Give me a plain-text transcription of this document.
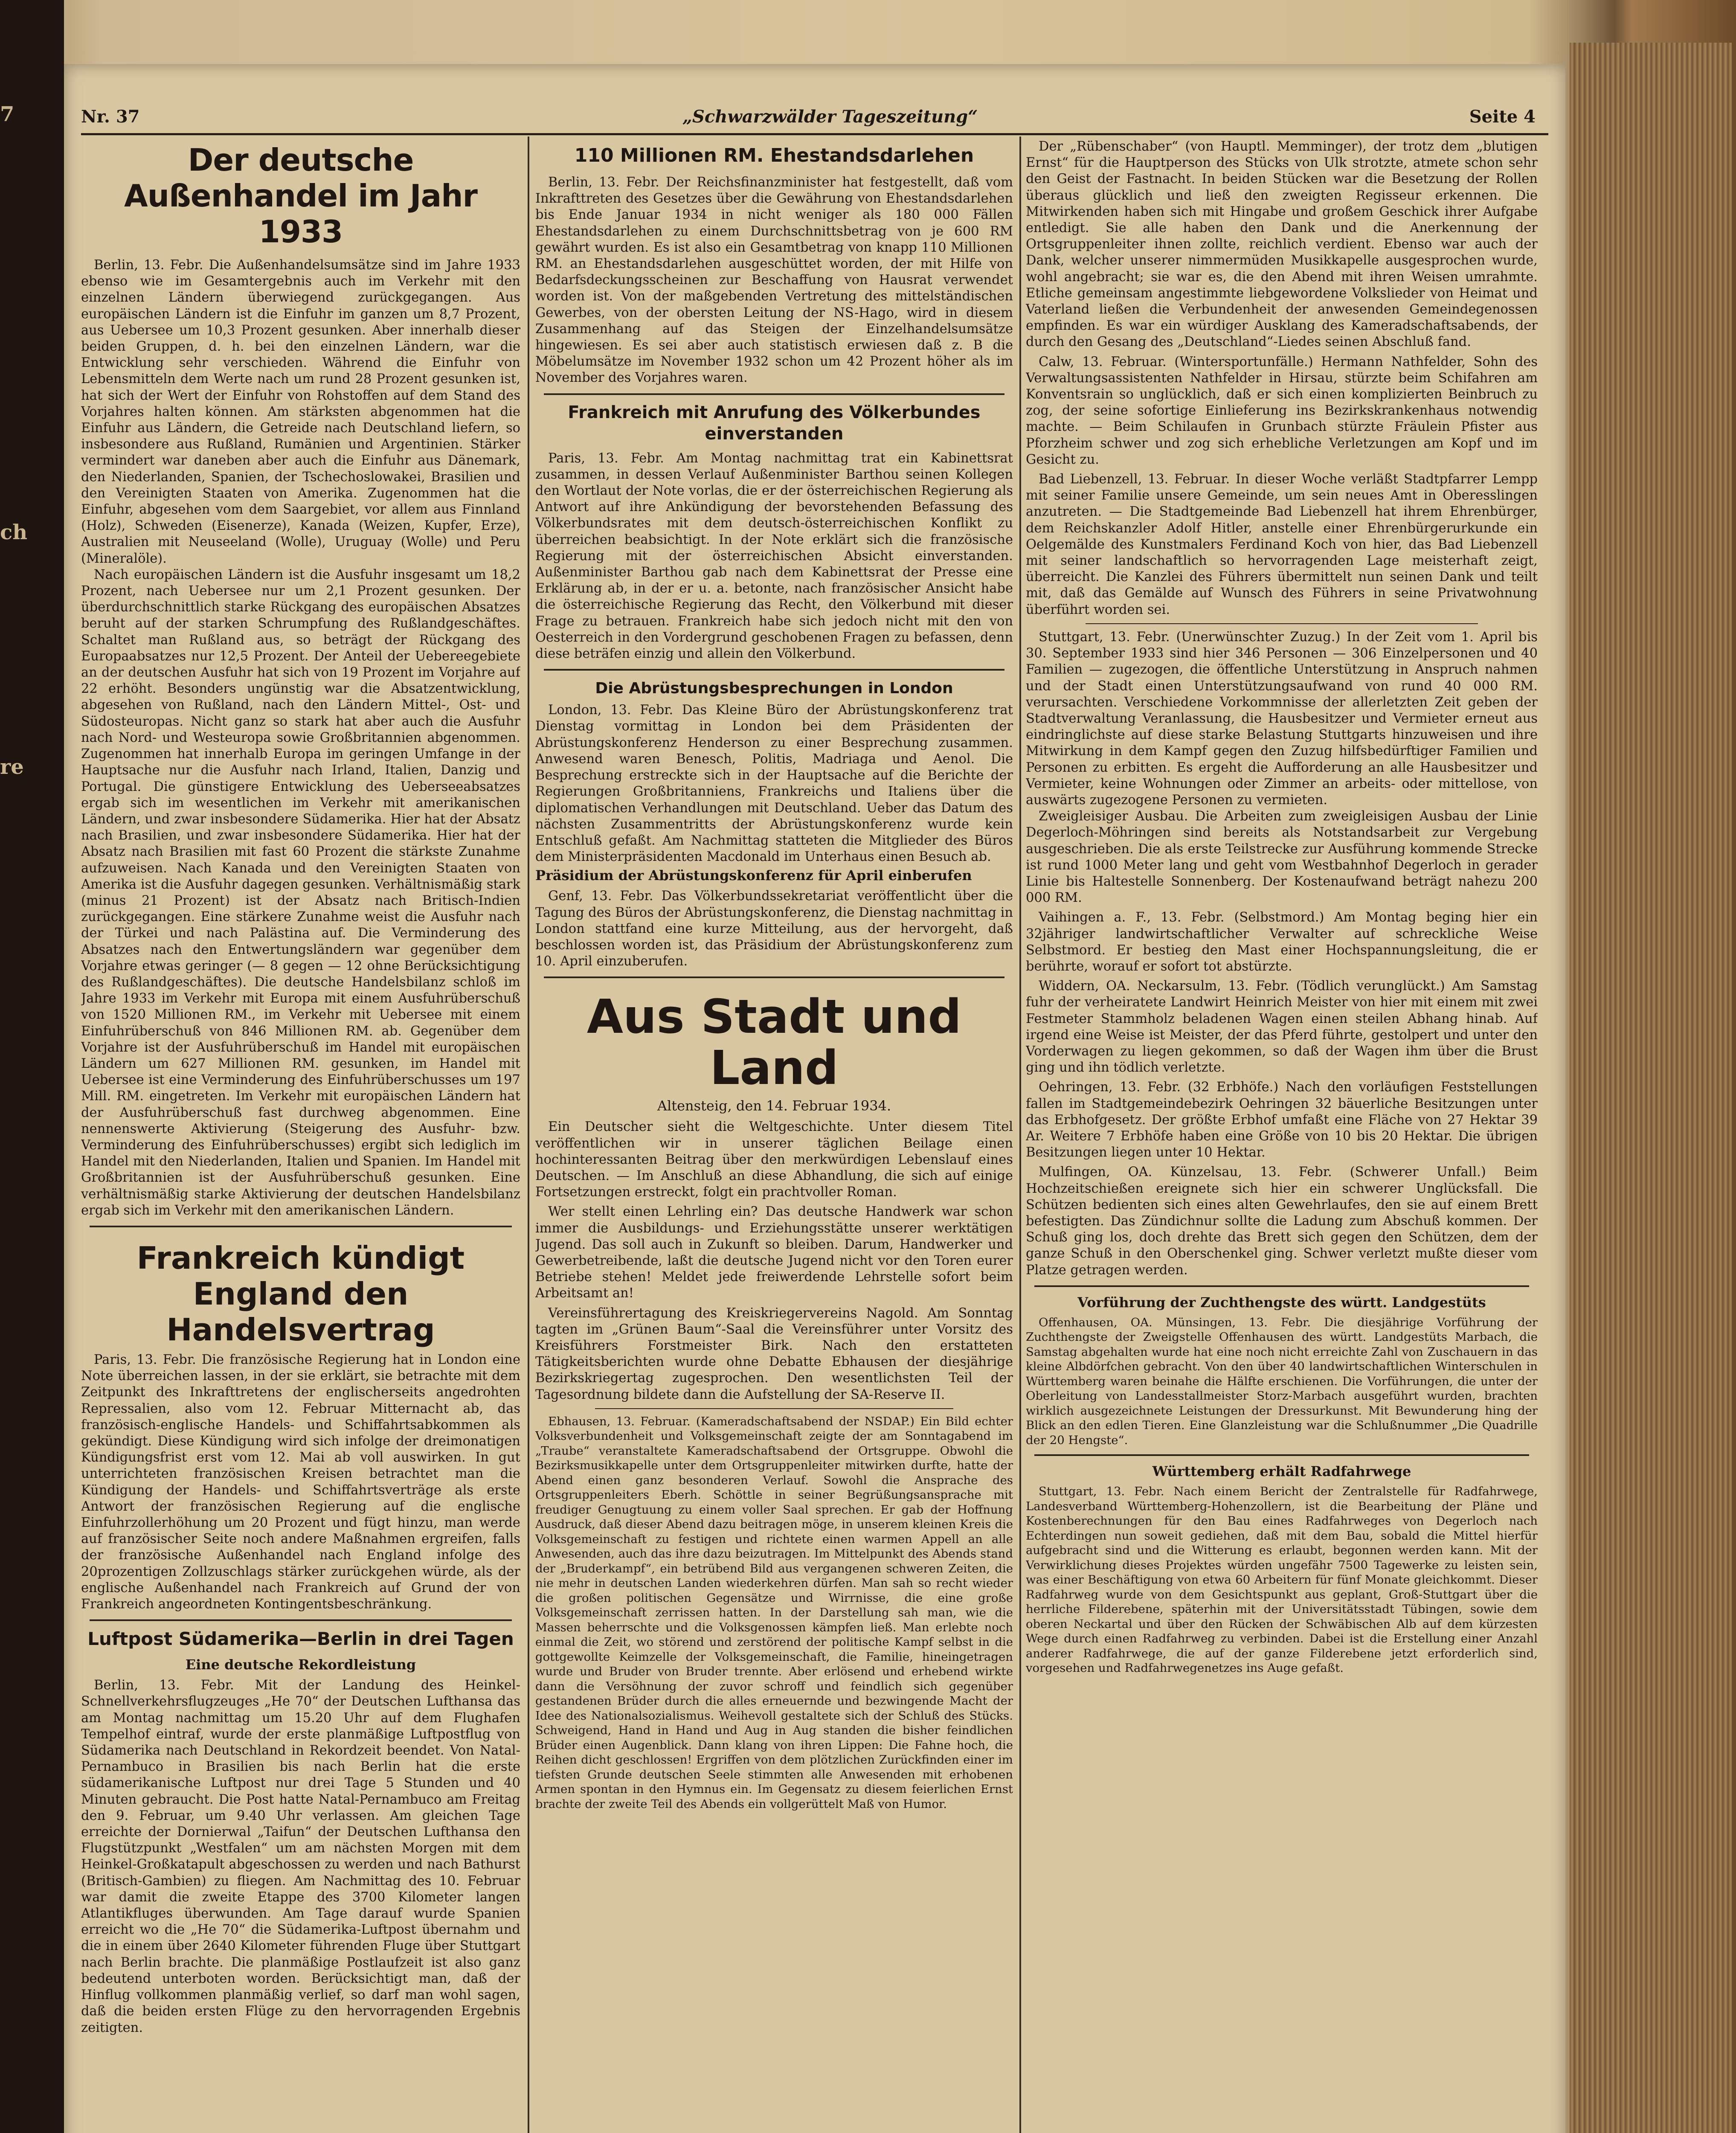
7
ch
re
Nr. 37	„Schwarzwälder Tageszeitung“	Seite 4
Der deutsche Außenhandel im Jahr 1933

Berlin, 13. Febr. Die Außenhandelsumsätze sind im Jahre 1933 ebenso wie im Gesamtergebnis auch im Verkehr mit den einzelnen Ländern überwiegend zurückgegangen. Aus europäischen Ländern ist die Einfuhr im ganzen um 8,7 Prozent, aus Uebersee um 10,3 Prozent gesunken. Aber innerhalb dieser beiden Gruppen, d. h. bei den einzelnen Ländern, war die Entwicklung sehr verschieden. Während die Einfuhr von Lebensmitteln dem Werte nach um rund 28 Prozent gesunken ist, hat sich der Wert der Einfuhr von Rohstoffen auf dem Stand des Vorjahres halten können. Am stärksten abgenommen hat die Einfuhr aus Ländern, die Getreide nach Deutschland liefern, so insbesondere aus Rußland, Rumänien und Argentinien. Stärker vermindert war daneben aber auch die Einfuhr aus Dänemark, den Niederlanden, Spanien, der Tschechoslowakei, Brasilien und den Vereinigten Staaten von Amerika. Zugenommen hat die Einfuhr, abgesehen vom dem Saargebiet, vor allem aus Finnland (Holz), Schweden (Eisenerze), Kanada (Weizen, Kupfer, Erze), Australien mit Neuseeland (Wolle), Uruguay (Wolle) und Peru (Mineralöle).

Nach europäischen Ländern ist die Ausfuhr insgesamt um 18,2 Prozent, nach Uebersee nur um 2,1 Prozent gesunken. Der überdurchschnittlich starke Rückgang des europäischen Absatzes beruht auf der starken Schrumpfung des Rußlandgeschäftes. Schaltet man Rußland aus, so beträgt der Rückgang des Europaabsatzes nur 12,5 Prozent. Der Anteil der Uebereegebiete an der deutschen Ausfuhr hat sich von 19 Prozent im Vorjahre auf 22 erhöht. Besonders ungünstig war die Absatzentwicklung, abgesehen von Rußland, nach den Ländern Mittel-, Ost- und Südosteuropas. Nicht ganz so stark hat aber auch die Ausfuhr nach Nord- und Westeuropa sowie Großbritannien abgenommen. Zugenommen hat innerhalb Europa im geringen Umfange in der Hauptsache nur die Ausfuhr nach Irland, Italien, Danzig und Portugal. Die günstigere Entwicklung des Ueberseeabsatzes ergab sich im wesentlichen im Verkehr mit amerikanischen Ländern, und zwar insbesondere Südamerika. Hier hat der Absatz nach Brasilien, und zwar insbesondere Südamerika. Hier hat der Absatz nach Brasilien mit fast 60 Prozent die stärkste Zunahme aufzuweisen. Nach Kanada und den Vereinigten Staaten von Amerika ist die Ausfuhr dagegen gesunken. Verhältnismäßig stark (minus 21 Prozent) ist der Absatz nach Britisch-Indien zurückgegangen. Eine stärkere Zunahme weist die Ausfuhr nach der Türkei und nach Palästina auf. Die Verminderung des Absatzes nach den Entwertungsländern war gegenüber dem Vorjahre etwas geringer (— 8 gegen — 12 ohne Berücksichtigung des Rußlandgeschäftes). Die deutsche Handelsbilanz schloß im Jahre 1933 im Verkehr mit Europa mit einem Ausfuhrüberschuß von 1520 Millionen RM., im Verkehr mit Uebersee mit einem Einfuhrüberschuß von 846 Millionen RM. ab. Gegenüber dem Vorjahre ist der Ausfuhrüberschuß im Handel mit europäischen Ländern um 627 Millionen RM. gesunken, im Handel mit Uebersee ist eine Verminderung des Einfuhrüberschusses um 197 Mill. RM. eingetreten. Im Verkehr mit europäischen Ländern hat der Ausfuhrüberschuß fast durchweg abgenommen. Eine nennenswerte Aktivierung (Steigerung des Ausfuhr- bzw. Verminderung des Einfuhrüberschusses) ergibt sich lediglich im Handel mit den Niederlanden, Italien und Spanien. Im Handel mit Großbritannien ist der Ausfuhrüberschuß gesunken. Eine verhältnismäßig starke Aktivierung der deutschen Handelsbilanz ergab sich im Verkehr mit den amerikanischen Ländern.

Frankreich kündigt England den Handelsvertrag

Paris, 13. Febr. Die französische Regierung hat in London eine Note überreichen lassen, in der sie erklärt, sie betrachte mit dem Zeitpunkt des Inkrafttretens der englischerseits angedrohten Repressalien, also vom 12. Februar Mitternacht ab, das französisch-englische Handels- und Schiffahrtsabkommen als gekündigt. Diese Kündigung wird sich infolge der dreimonatigen Kündigungsfrist erst vom 12. Mai ab voll auswirken. In gut unterrichteten französischen Kreisen betrachtet man die Kündigung der Handels- und Schiffahrtsverträge als erste Antwort der französischen Regierung auf die englische Einfuhrzollerhöhung um 20 Prozent und fügt hinzu, man werde auf französischer Seite noch andere Maßnahmen ergreifen, falls der französische Außenhandel nach England infolge des 20prozentigen Zollzuschlags stärker zurückgehen würde, als der englische Außenhandel nach Frankreich auf Grund der von Frankreich angeordneten Kontingentsbeschränkung.

Luftpost Südamerika—Berlin in drei Tagen
Eine deutsche Rekordleistung

Berlin, 13. Febr. Mit der Landung des Heinkel-Schnellverkehrsflugzeuges „He 70“ der Deutschen Lufthansa das am Montag nachmittag um 15.20 Uhr auf dem Flughafen Tempelhof eintraf, wurde der erste planmäßige Luftpostflug von Südamerika nach Deutschland in Rekordzeit beendet. Von Natal-Pernambuco in Brasilien bis nach Berlin hat die erste südamerikanische Luftpost nur drei Tage 5 Stunden und 40 Minuten gebraucht. Die Post hatte Natal-Pernambuco am Freitag den 9. Februar, um 9.40 Uhr verlassen. Am gleichen Tage erreichte der Dornierwal „Taifun“ der Deutschen Lufthansa den Flugstützpunkt „Westfalen“ um am nächsten Morgen mit dem Heinkel-Großkatapult abgeschossen zu werden und nach Bathurst (Britisch-Gambien) zu fliegen. Am Nachmittag des 10. Februar war damit die zweite Etappe des 3700 Kilometer langen Atlantikfluges überwunden. Am Tage darauf wurde Spanien erreicht wo die „He 70“ die Südamerika-Luftpost übernahm und die in einem über 2640 Kilometer führenden Fluge über Stuttgart nach Berlin brachte. Die planmäßige Postlaufzeit ist also ganz bedeutend unterboten worden. Berücksichtigt man, daß der Hinflug vollkommen planmäßig verlief, so darf man wohl sagen, daß die beiden ersten Flüge zu den hervorragenden Ergebnis zeitigten.

110 Millionen RM. Ehestandsdarlehen

Berlin, 13. Febr. Der Reichsfinanzminister hat festgestellt, daß vom Inkrafttreten des Gesetzes über die Gewährung von Ehestandsdarlehen bis Ende Januar 1934 in nicht weniger als 180 000 Fällen Ehestandsdarlehen zu einem Durchschnittsbetrag von je 600 RM gewährt wurden. Es ist also ein Gesamtbetrag von knapp 110 Millionen RM. an Ehestandsdarlehen ausgeschüttet worden, der mit Hilfe von Bedarfsdeckungsscheinen zur Beschaffung von Hausrat verwendet worden ist. Von der maßgebenden Vertretung des mittelständischen Gewerbes, von der obersten Leitung der NS-Hago, wird in diesem Zusammenhang auf das Steigen der Einzelhandelsumsätze hingewiesen. Es sei aber auch statistisch erwiesen daß z. B die Möbelumsätze im November 1932 schon um 42 Prozent höher als im November des Vorjahres waren.

Frankreich mit Anrufung des Völkerbundes einverstanden

Paris, 13. Febr. Am Montag nachmittag trat ein Kabinettsrat zusammen, in dessen Verlauf Außenminister Barthou seinen Kollegen den Wortlaut der Note vorlas, die er der österreichischen Regierung als Antwort auf ihre Ankündigung der bevorstehenden Befassung des Völkerbundsrates mit dem deutsch-österreichischen Konflikt zu überreichen beabsichtigt. In der Note erklärt sich die französische Regierung mit der österreichischen Absicht einverstanden. Außenminister Barthou gab nach dem Kabinettsrat der Presse eine Erklärung ab, in der er u. a. betonte, nach französischer Ansicht habe die österreichische Regierung das Recht, den Völkerbund mit dieser Frage zu betrauen. Frankreich habe sich jedoch nicht mit den von Oesterreich in den Vordergrund geschobenen Fragen zu befassen, denn diese beträfen einzig und allein den Völkerbund.

Die Abrüstungsbesprechungen in London

London, 13. Febr. Das Kleine Büro der Abrüstungskonferenz trat Dienstag vormittag in London bei dem Präsidenten der Abrüstungskonferenz Henderson zu einer Besprechung zusammen. Anwesend waren Benesch, Politis, Madriaga und Aenol. Die Besprechung erstreckte sich in der Hauptsache auf die Berichte der Regierungen Großbritanniens, Frankreichs und Italiens über die diplomatischen Verhandlungen mit Deutschland. Ueber das Datum des nächsten Zusammentritts der Abrüstungskonferenz wurde kein Entschluß gefaßt. Am Nachmittag statteten die Mitglieder des Büros dem Ministerpräsidenten Macdonald im Unterhaus einen Besuch ab.

Präsidium der Abrüstungskonferenz für April einberufen

Genf, 13. Febr. Das Völkerbundssekretariat veröffentlicht über die Tagung des Büros der Abrüstungskonferenz, die Dienstag nachmittag in London stattfand eine kurze Mitteilung, aus der hervorgeht, daß beschlossen worden ist, das Präsidium der Abrüstungskonferenz zum 10. April einzuberufen.

Aus Stadt und Land
Altensteig, den 14. Februar 1934.

Ein Deutscher sieht die Weltgeschichte. Unter diesem Titel veröffentlichen wir in unserer täglichen Beilage einen hochinteressanten Beitrag über den merkwürdigen Lebenslauf eines Deutschen. — Im Anschluß an diese Abhandlung, die sich auf einige Fortsetzungen erstreckt, folgt ein prachtvoller Roman.

Wer stellt einen Lehrling ein? Das deutsche Handwerk war schon immer die Ausbildungs- und Erziehungsstätte unserer werktätigen Jugend. Das soll auch in Zukunft so bleiben. Darum, Handwerker und Gewerbetreibende, laßt die deutsche Jugend nicht vor den Toren eurer Betriebe stehen! Meldet jede freiwerdende Lehrstelle sofort beim Arbeitsamt an!

Vereinsführertagung des Kreiskriegervereins Nagold. Am Sonntag tagten im „Grünen Baum“-Saal die Vereinsführer unter Vorsitz des Kreisführers Forstmeister Birk. Nach den erstatteten Tätigkeitsberichten wurde ohne Debatte Ebhausen der diesjährige Bezirkskriegertag zugesprochen. Den wesentlichsten Teil der Tagesordnung bildete dann die Aufstellung der SA-Reserve II.

Ebhausen, 13. Februar. (Kameradschaftsabend der NSDAP.) Ein Bild echter Volksverbundenheit und Volksgemeinschaft zeigte der am Sonntagabend im „Traube“ veranstaltete Kameradschaftsabend der Ortsgruppe. Obwohl die Bezirksmusikkapelle unter dem Ortsgruppenleiter mitwirken durfte, hatte der Abend einen ganz besonderen Verlauf. Sowohl die Ansprache des Ortsgruppenleiters Eberh. Schöttle in seiner Begrüßungsansprache mit freudiger Genugtuung zu einem voller Saal sprechen. Er gab der Hoffnung Ausdruck, daß dieser Abend dazu beitragen möge, in unserem kleinen Kreis die Volksgemeinschaft zu festigen und richtete einen warmen Appell an alle Anwesenden, auch das ihre dazu beizutragen. Im Mittelpunkt des Abends stand der „Bruderkampf“, ein betrübend Bild aus vergangenen schweren Zeiten, die nie mehr in deutschen Landen wiederkehren dürfen. Man sah so recht wieder die großen politischen Gegensätze und Wirrnisse, die eine große Volksgemeinschaft zerrissen hatten. In der Darstellung sah man, wie die Massen beherrschte und die Volksgenossen kämpfen ließ. Man erlebte noch einmal die Zeit, wo störend und zerstörend der politische Kampf selbst in die gottgewollte Keimzelle der Volksgemeinschaft, die Familie, hineingetragen wurde und Bruder von Bruder trennte. Aber erlösend und erhebend wirkte dann die Versöhnung der zuvor schroff und feindlich sich gegenüber gestandenen Brüder durch die alles erneuernde und bezwingende Macht der Idee des Nationalsozialismus. Weihevoll gestaltete sich der Schluß des Stücks. Schweigend, Hand in Hand und Aug in Aug standen die bisher feindlichen Brüder einen Augenblick. Dann klang von ihren Lippen: Die Fahne hoch, die Reihen dicht geschlossen! Ergriffen von dem plötzlichen Zurückfinden einer im tiefsten Grunde deutschen Seele stimmten alle Anwesenden mit erhobenen Armen spontan in den Hymnus ein. Im Gegensatz zu diesem feierlichen Ernst brachte der zweite Teil des Abends ein vollgerüttelt Maß von Humor.

Der „Rübenschaber“ (von Hauptl. Memminger), der trotz dem „blutigen Ernst“ für die Hauptperson des Stücks von Ulk strotzte, atmete schon sehr den Geist der Fastnacht. In beiden Stücken war die Besetzung der Rollen überaus glücklich und ließ den zweigten Regisseur erkennen. Die Mitwirkenden haben sich mit Hingabe und großem Geschick ihrer Aufgabe entledigt. Sie alle haben den Dank und die Anerkennung der Ortsgruppenleiter ihnen zollte, reichlich verdient. Ebenso war auch der Dank, welcher unserer nimmermüden Musikkapelle ausgesprochen wurde, wohl angebracht; sie war es, die den Abend mit ihren Weisen umrahmte. Etliche gemeinsam angestimmte liebgewordene Volkslieder von Heimat und Vaterland ließen die Verbundenheit der anwesenden Gemeindegenossen empfinden. Es war ein würdiger Ausklang des Kameradschaftsabends, der durch den Gesang des „Deutschland“-Liedes seinen Abschluß fand.

Calw, 13. Februar. (Wintersportunfälle.) Hermann Nathfelder, Sohn des Verwaltungsassistenten Nathfelder in Hirsau, stürzte beim Schifahren am Konventsrain so unglücklich, daß er sich einen komplizierten Beinbruch zu zog, der seine sofortige Einlieferung ins Bezirkskrankenhaus notwendig machte. — Beim Schilaufen in Grunbach stürzte Fräulein Pfister aus Pforzheim schwer und zog sich erhebliche Verletzungen am Kopf und im Gesicht zu.

Bad Liebenzell, 13. Februar. In dieser Woche verläßt Stadtpfarrer Lempp mit seiner Familie unsere Gemeinde, um sein neues Amt in Oberesslingen anzutreten. — Die Stadtgemeinde Bad Liebenzell hat ihrem Ehrenbürger, dem Reichskanzler Adolf Hitler, anstelle einer Ehrenbürgerurkunde ein Oelgemälde des Kunstmalers Ferdinand Koch von hier, das Bad Liebenzell mit seiner landschaftlich so hervorragenden Lage meisterhaft zeigt, überreicht. Die Kanzlei des Führers übermittelt nun seinen Dank und teilt mit, daß das Gemälde auf Wunsch des Führers in seine Privatwohnung überführt worden sei.

Stuttgart, 13. Febr. (Unerwünschter Zuzug.) In der Zeit vom 1. April bis 30. September 1933 sind hier 346 Personen — 306 Einzelpersonen und 40 Familien — zugezogen, die öffentliche Unterstützung in Anspruch nahmen und der Stadt einen Unterstützungsaufwand von rund 40 000 RM. verursachten. Verschiedene Vorkommnisse der allerletzten Zeit geben der Stadtverwaltung Veranlassung, die Hausbesitzer und Vermieter erneut aus eindringlichste auf diese starke Belastung Stuttgarts hinzuweisen und ihre Mitwirkung in dem Kampf gegen den Zuzug hilfsbedürftiger Familien und Personen zu erbitten. Es ergeht die Aufforderung an alle Hausbesitzer und Vermieter, keine Wohnungen oder Zimmer an arbeits- oder mittellose, von auswärts zugezogene Personen zu vermieten.

Zweigleisiger Ausbau. Die Arbeiten zum zweigleisigen Ausbau der Linie Degerloch-Möhringen sind bereits als Notstandsarbeit zur Vergebung ausgeschrieben. Die als erste Teilstrecke zur Ausführung kommende Strecke ist rund 1000 Meter lang und geht vom Westbahnhof Degerloch in gerader Linie bis Haltestelle Sonnenberg. Der Kostenaufwand beträgt nahezu 200 000 RM.

Vaihingen a. F., 13. Febr. (Selbstmord.) Am Montag beging hier ein 32jähriger landwirtschaftlicher Verwalter auf schreckliche Weise Selbstmord. Er bestieg den Mast einer Hochspannungsleitung, die er berührte, worauf er sofort tot abstürzte.

Widdern, OA. Neckarsulm, 13. Febr. (Tödlich verunglückt.) Am Samstag fuhr der verheiratete Landwirt Heinrich Meister von hier mit einem mit zwei Festmeter Stammholz beladenen Wagen einen steilen Abhang hinab. Auf irgend eine Weise ist Meister, der das Pferd führte, gestolpert und unter den Vorderwagen zu liegen gekommen, so daß der Wagen ihm über die Brust ging und ihn tödlich verletzte.

Oehringen, 13. Febr. (32 Erbhöfe.) Nach den vorläufigen Feststellungen fallen im Stadtgemeindebezirk Oehringen 32 bäuerliche Besitzungen unter das Erbhofgesetz. Der größte Erbhof umfaßt eine Fläche von 27 Hektar 39 Ar. Weitere 7 Erbhöfe haben eine Größe von 10 bis 20 Hektar. Die übrigen Besitzungen liegen unter 10 Hektar.

Mulfingen, OA. Künzelsau, 13. Febr. (Schwerer Unfall.) Beim Hochzeitschießen ereignete sich hier ein schwerer Unglücksfall. Die Schützen bedienten sich eines alten Gewehrlaufes, den sie auf einem Brett befestigten. Das Zündichnur sollte die Ladung zum Abschuß kommen. Der Schuß ging los, doch drehte das Brett sich gegen den Schützen, dem der ganze Schuß in den Oberschenkel ging. Schwer verletzt mußte dieser vom Platze getragen werden.

Vorführung der Zuchthengste des württ. Landgestüts

Offenhausen, OA. Münsingen, 13. Febr. Die diesjährige Vorführung der Zuchthengste der Zweigstelle Offenhausen des württ. Landgestüts Marbach, die Samstag abgehalten wurde hat eine noch nicht erreichte Zahl von Zuschauern in das kleine Albdörfchen gebracht. Von den über 40 landwirtschaftlichen Winterschulen in Württemberg waren beinahe die Hälfte erschienen. Die Vorführungen, die unter der Oberleitung von Landesstallmeister Storz-Marbach ausgeführt wurden, brachten wirklich ausgezeichnete Leistungen der Dressurkunst. Mit Bewunderung hing der Blick an den edlen Tieren. Eine Glanzleistung war die Schlußnummer „Die Quadrille der 20 Hengste“.

Württemberg erhält Radfahrwege

Stuttgart, 13. Febr. Nach einem Bericht der Zentralstelle für Radfahrwege, Landesverband Württemberg-Hohenzollern, ist die Bearbeitung der Pläne und Kostenberechnungen für den Bau eines Radfahrweges von Degerloch nach Echterdingen nun soweit gediehen, daß mit dem Bau, sobald die Mittel hierfür aufgebracht sind und die Witterung es erlaubt, begonnen werden kann. Mit der Verwirklichung dieses Projektes würden ungefähr 7500 Tagewerke zu leisten sein, was einer Beschäftigung von etwa 60 Arbeitern für fünf Monate gleichkommt. Dieser Radfahrweg wurde von dem Gesichtspunkt aus geplant, Groß-Stuttgart über die herrliche Filderebene, späterhin mit der Universitätsstadt Tübingen, sowie dem oberen Neckartal und über den Rücken der Schwäbischen Alb auf dem kürzesten Wege durch einen Radfahrweg zu verbinden. Dabei ist die Erstellung einer Anzahl anderer Radfahrwege, die auf der ganze Filderebene jetzt erforderlich sind, vorgesehen und Radfahrwegenetzes ins Auge gefaßt.
